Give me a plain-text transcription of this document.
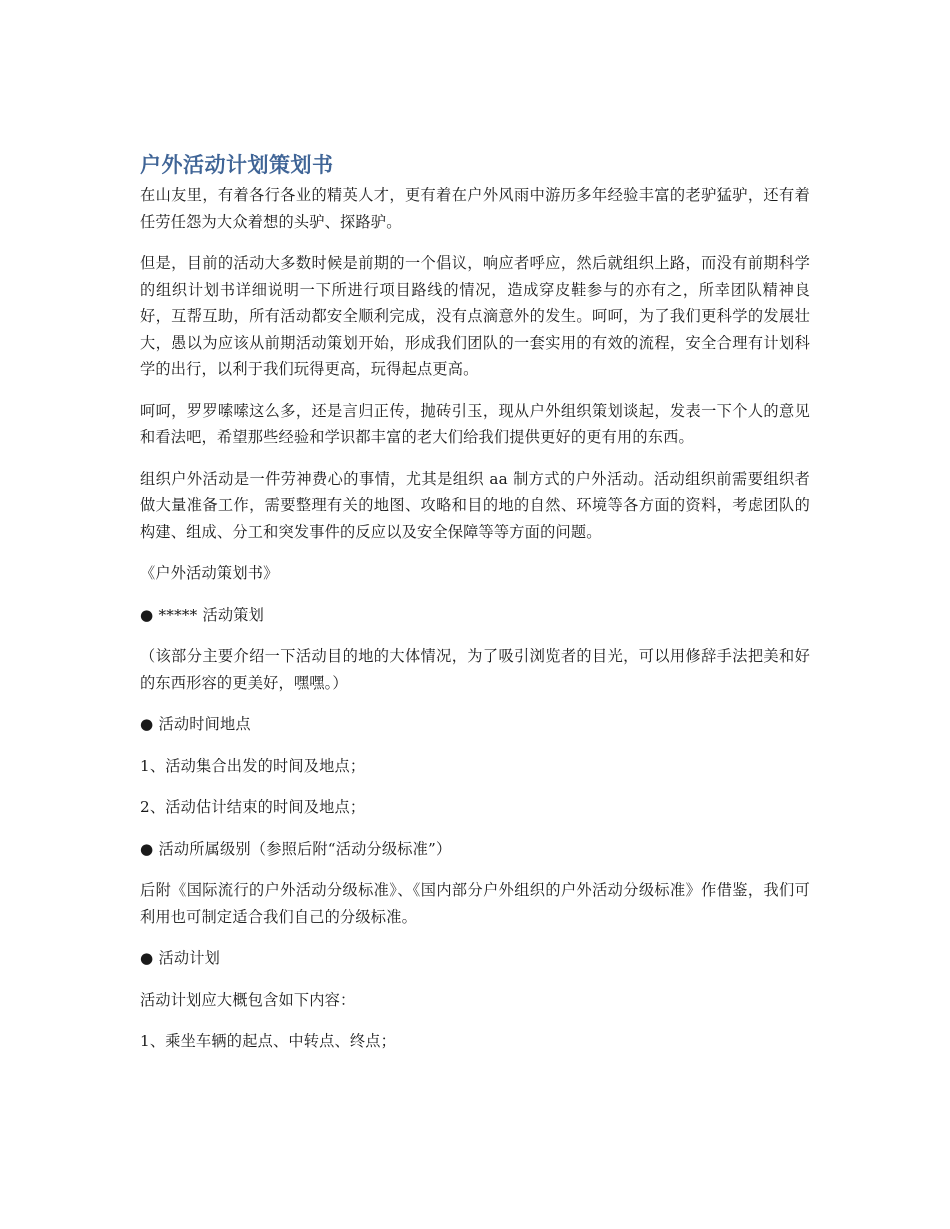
户外活动计划策划书

在山友里，有着各行各业的精英人才，更有着在户外风雨中游历多年经验丰富的老驴猛驴，还有着任劳任怨为大众着想的头驴、探路驴。

但是，目前的活动大多数时候是前期的一个倡议，响应者呼应，然后就组织上路，而没有前期科学的组织计划书详细说明一下所进行项目路线的情况，造成穿皮鞋参与的亦有之，所幸团队精神良好，互帮互助，所有活动都安全顺利完成，没有点滴意外的发生。呵呵，为了我们更科学的发展壮大，愚以为应该从前期活动策划开始，形成我们团队的一套实用的有效的流程，安全合理有计划科学的出行，以利于我们玩得更高，玩得起点更高。

呵呵，罗罗嗦嗦这么多，还是言归正传，抛砖引玉，现从户外组织策划谈起，发表一下个人的意见和看法吧，希望那些经验和学识都丰富的老大们给我们提供更好的更有用的东西。

组织户外活动是一件劳神费心的事情，尤其是组织 aa 制方式的户外活动。活动组织前需要组织者做大量准备工作，需要整理有关的地图、攻略和目的地的自然、环境等各方面的资料，考虑团队的构建、组成、分工和突发事件的反应以及安全保障等等方面的问题。

《户外活动策划书》

● ***** 活动策划

（该部分主要介绍一下活动目的地的大体情况，为了吸引浏览者的目光，可以用修辞手法把美和好的东西形容的更美好，嘿嘿。）

● 活动时间地点

1、活动集合出发的时间及地点；

2、活动估计结束的时间及地点；

● 活动所属级别（参照后附“活动分级标准”）

后附《国际流行的户外活动分级标准》、《国内部分户外组织的户外活动分级标准》作借鉴，我们可利用也可制定适合我们自己的分级标准。

● 活动计划

活动计划应大概包含如下内容：

1、乘坐车辆的起点、中转点、终点；
